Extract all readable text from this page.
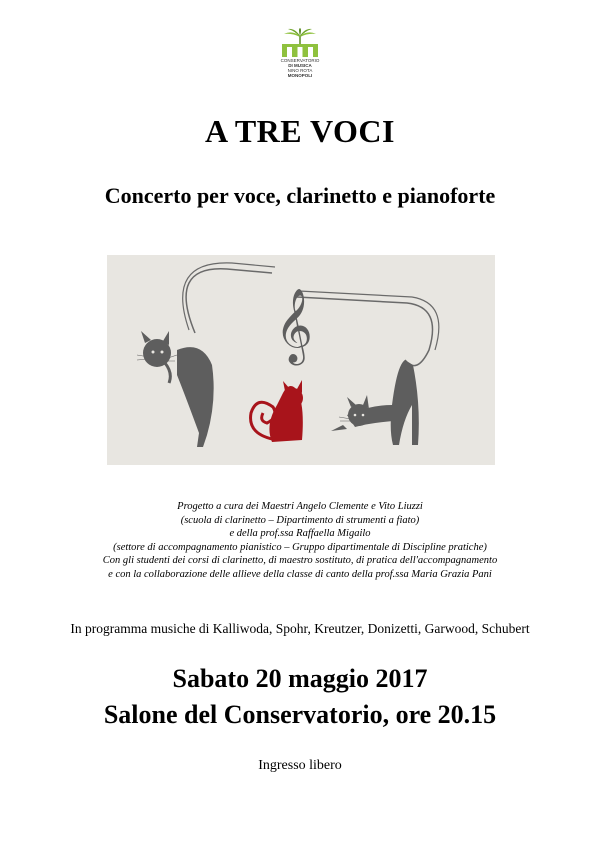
CONSERVATORIO
DI MUSICA
NINO ROTA
MONOPOLI
A TRE VOCI
Concerto per voce, clarinetto e pianoforte
𝄞
Progetto a cura dei Maestri Angelo Clemente e Vito Liuzzi
(scuola di clarinetto – Dipartimento di strumenti a fiato)
e della prof.ssa Raffaella Migailo
(settore di accompagnamento pianistico – Gruppo dipartimentale di Discipline pratiche)
Con gli studenti dei corsi di clarinetto, di maestro sostituto, di pratica dell'accompagnamento
e con la collaborazione delle allieve della classe di canto della prof.ssa Maria Grazia Pani
In programma musiche di Kalliwoda, Spohr, Kreutzer, Donizetti, Garwood, Schubert
Sabato 20 maggio 2017
Salone del Conservatorio, ore 20.15
Ingresso libero
